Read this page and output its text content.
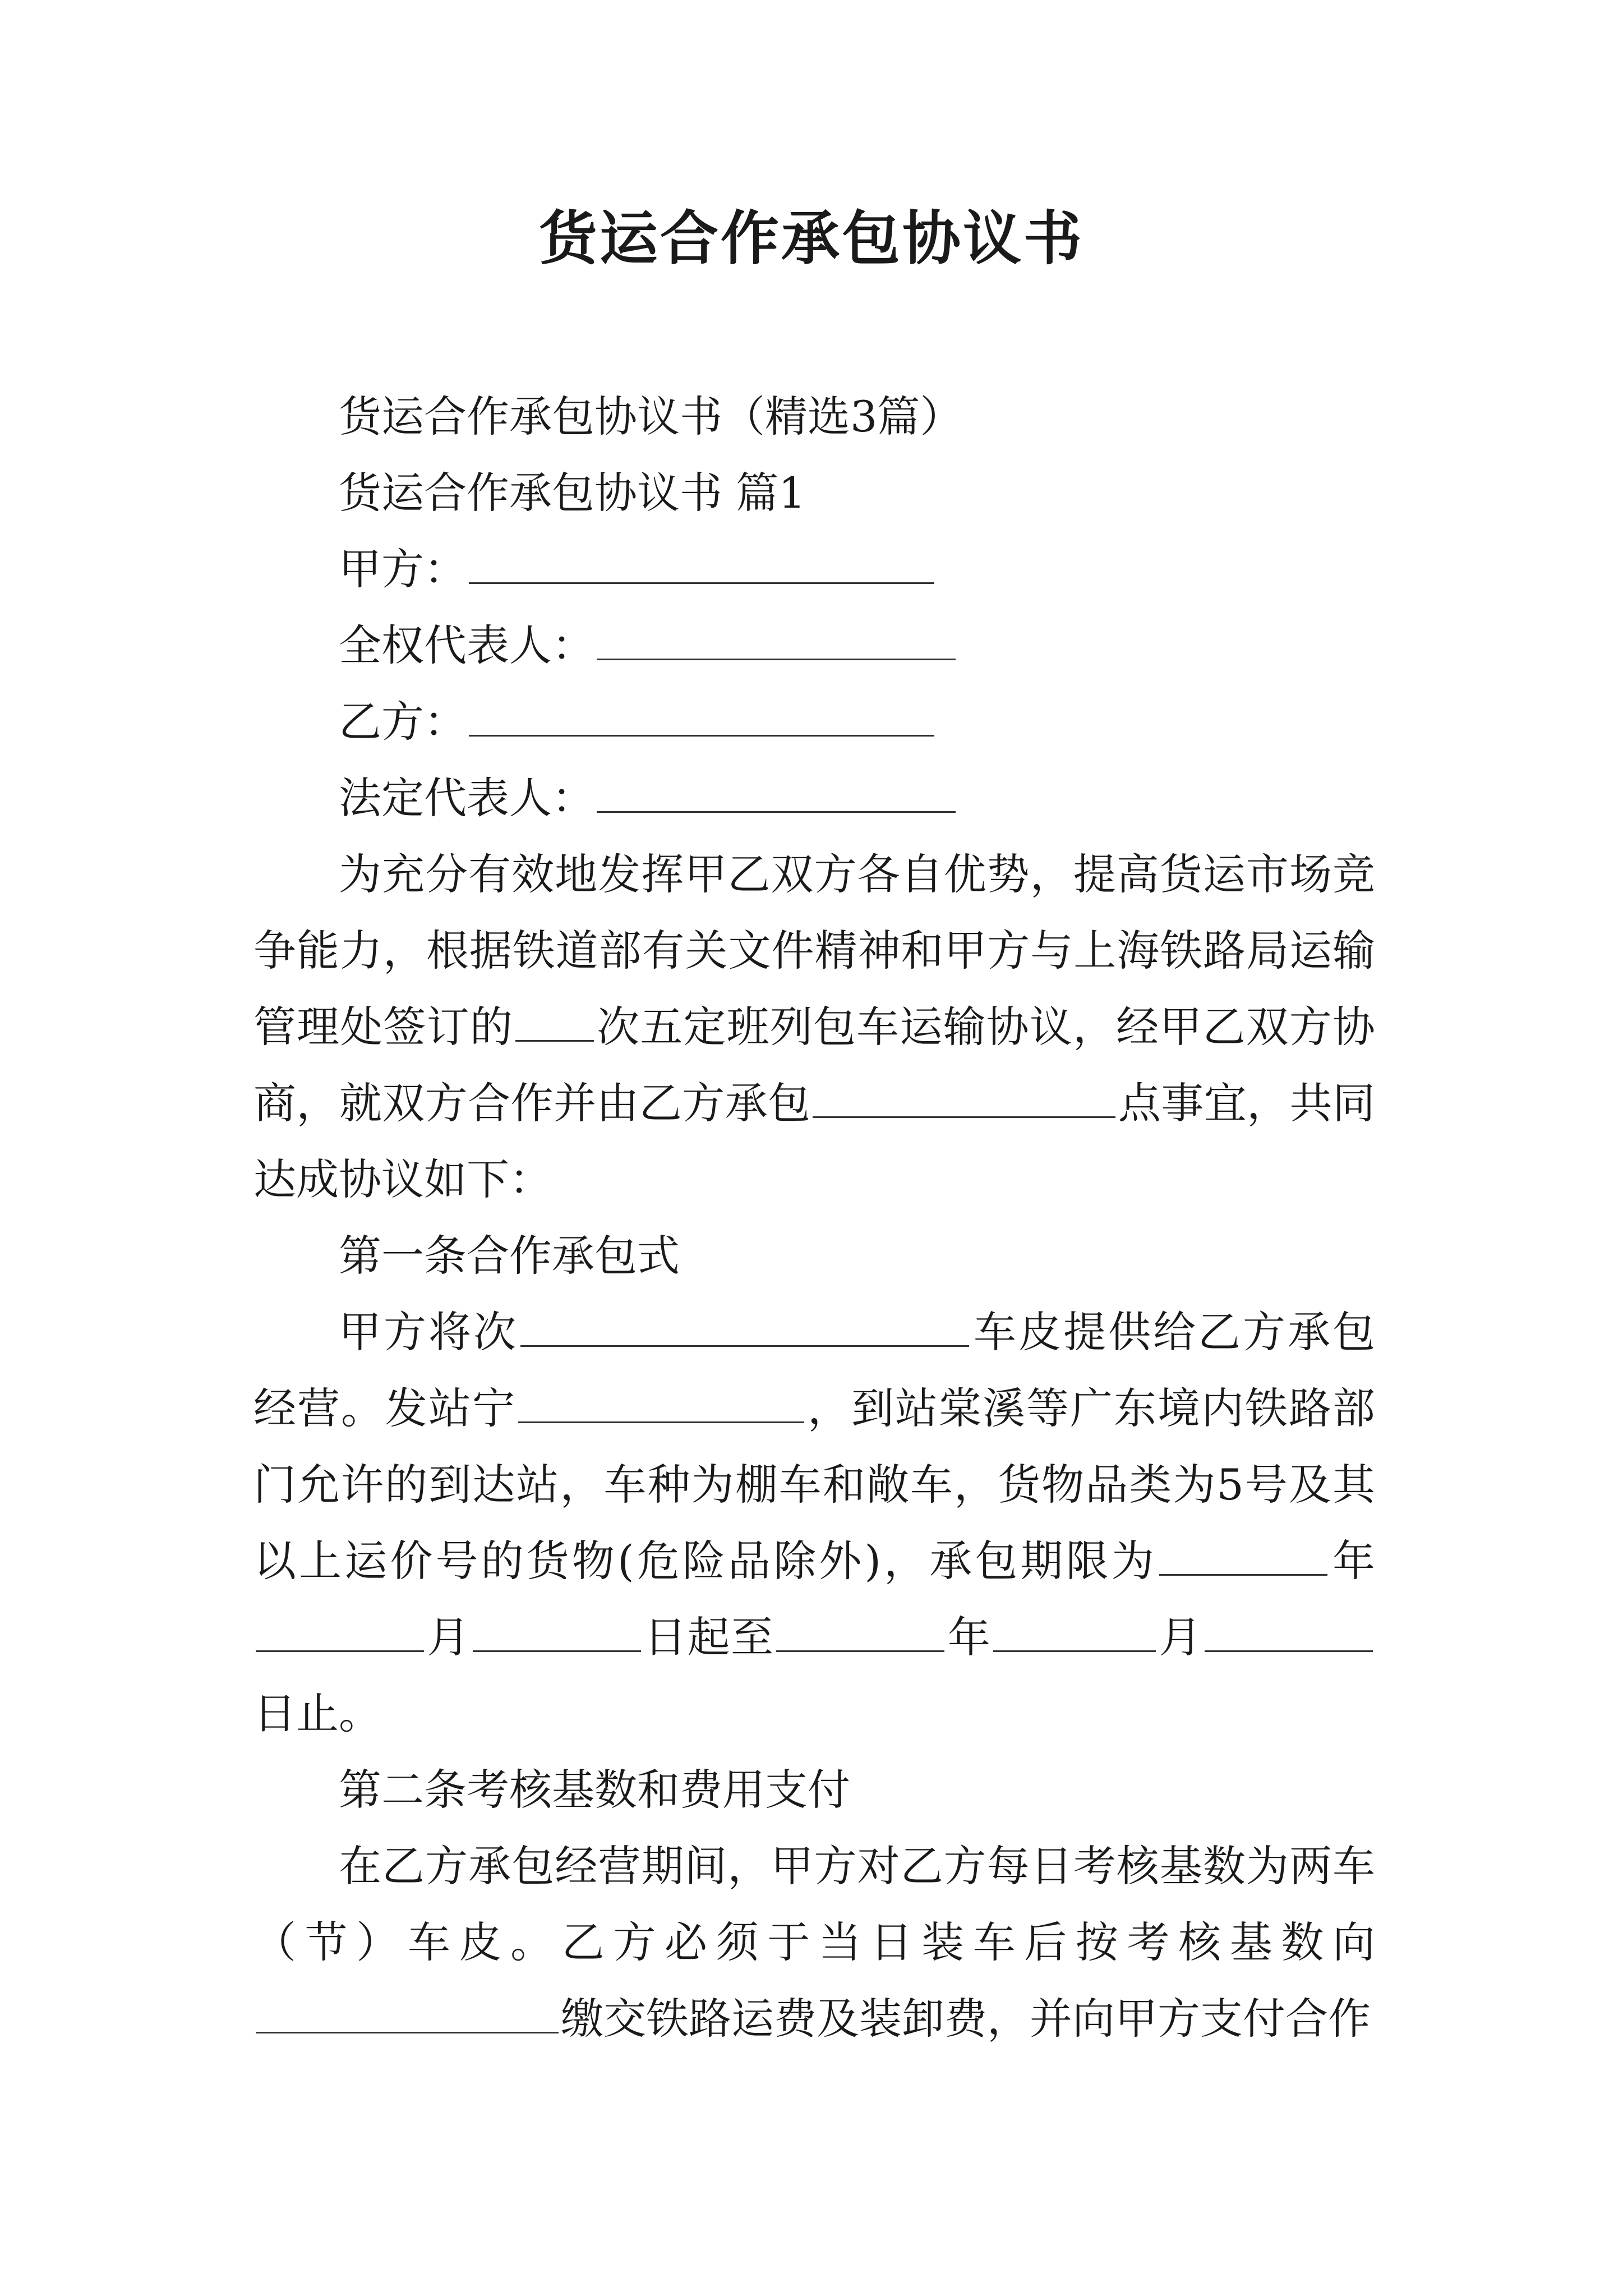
货运合作承包协议书

货运合作承包协议书（精选3篇）

货运合作承包协议书 篇1

甲方：

全权代表人：

乙方：

法定代表人：

为充分有效地发挥甲乙双方各自优势，提高货运市场竞争能力，根据铁道部有关文件精神和甲方与上海铁路局运输管理处签订的 次五定班列包车运输协议，经甲乙双方协商，就双方合作并由乙方承包	点事宜，共同达成协议如下：

第一条合作承包式

甲方将次	车皮提供给乙方承包经营。发站宁	，到站棠溪等广东境内铁路部门允许的到达站，车种为棚车和敞车，货物品类为5号及其以上运价号的货物(危险品除外)，承包期限为	年月	日起至	年	月日止。

第二条考核基数和费用支付

在乙方承包经营期间，甲方对乙方每日考核基数为两车（节）车皮。乙方必须于当日装车后按考核基数向缴交铁路运费及装卸费，并向甲方支付合作
